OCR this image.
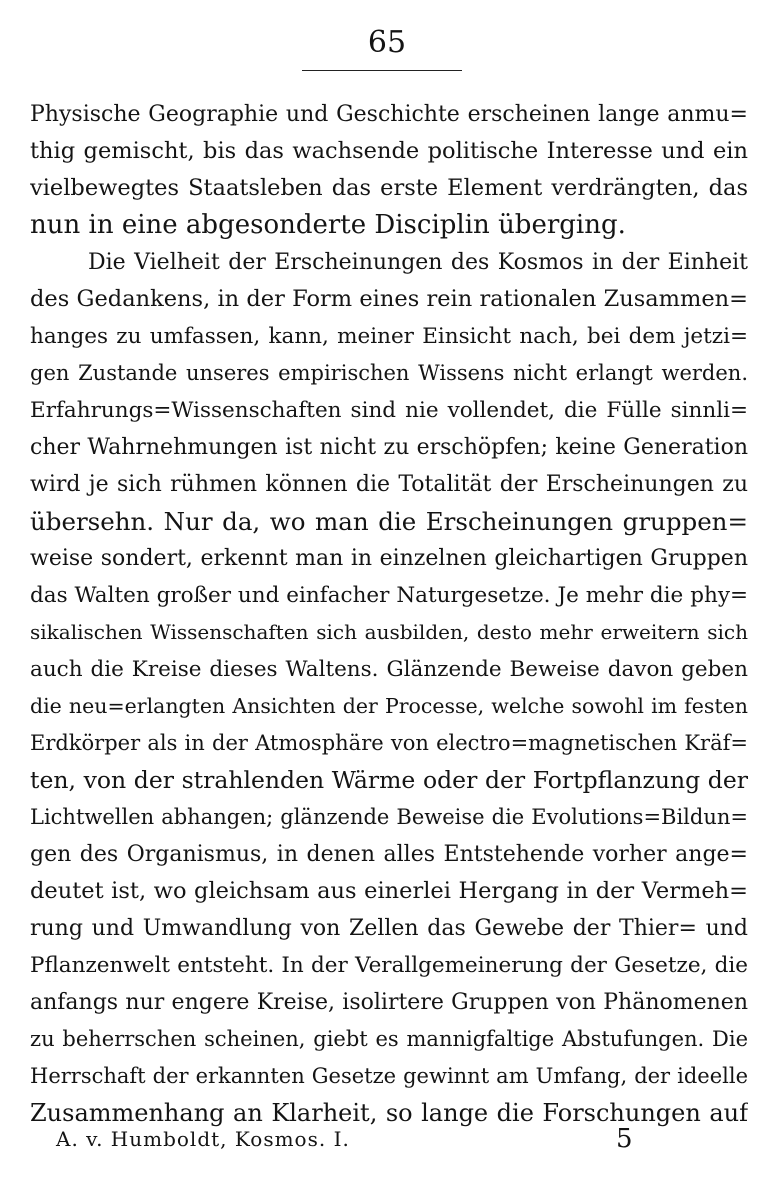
65
Physische Geographie und Geschichte erscheinen lange anmu=
thig gemischt, bis das wachsende politische Interesse und ein
vielbewegtes Staatsleben das erste Element verdrängten, das
nun in eine abgesonderte Disciplin überging.
Die Vielheit der Erscheinungen des Kosmos in der Einheit
des Gedankens, in der Form eines rein rationalen Zusammen=
hanges zu umfassen, kann, meiner Einsicht nach, bei dem jetzi=
gen Zustande unseres empirischen Wissens nicht erlangt werden.
Erfahrungs=Wissenschaften sind nie vollendet, die Fülle sinnli=
cher Wahrnehmungen ist nicht zu erschöpfen; keine Generation
wird je sich rühmen können die Totalität der Erscheinungen zu
übersehn. Nur da, wo man die Erscheinungen gruppen=
weise sondert, erkennt man in einzelnen gleichartigen Gruppen
das Walten großer und einfacher Naturgesetze. Je mehr die phy=
sikalischen Wissenschaften sich ausbilden, desto mehr erweitern sich
auch die Kreise dieses Waltens. Glänzende Beweise davon geben
die neu=erlangten Ansichten der Processe, welche sowohl im festen
Erdkörper als in der Atmosphäre von electro=magnetischen Kräf=
ten, von der strahlenden Wärme oder der Fortpflanzung der
Lichtwellen abhangen; glänzende Beweise die Evolutions=Bildun=
gen des Organismus, in denen alles Entstehende vorher ange=
deutet ist, wo gleichsam aus einerlei Hergang in der Vermeh=
rung und Umwandlung von Zellen das Gewebe der Thier= und
Pflanzenwelt entsteht. In der Verallgemeinerung der Gesetze, die
anfangs nur engere Kreise, isolirtere Gruppen von Phänomenen
zu beherrschen scheinen, giebt es mannigfaltige Abstufungen. Die
Herrschaft der erkannten Gesetze gewinnt am Umfang, der ideelle
Zusammenhang an Klarheit, so lange die Forschungen auf
A. v. Humboldt, Kosmos. I.	5
